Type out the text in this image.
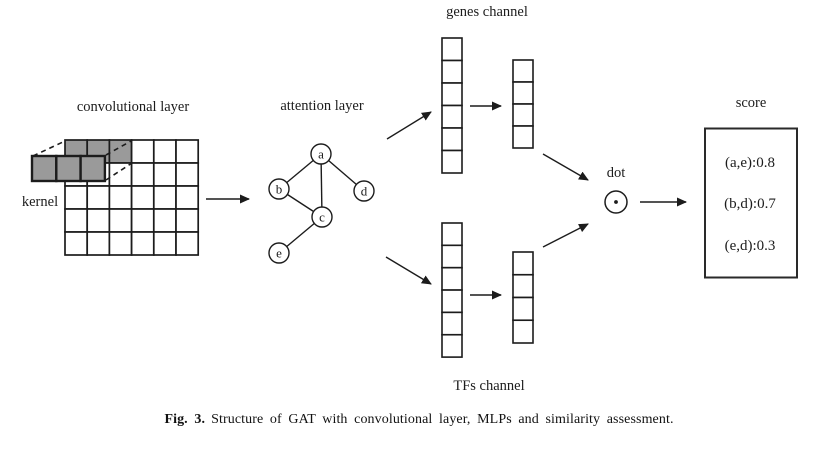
convolutional layer
kernel
attention layer
a
b
c
d
e
genes channel
TFs channel
dot
score
(a,e):0.8
(b,d):0.7
(e,d):0.3
Fig. 3. Structure of GAT with convolutional layer, MLPs and similarity assessment.
